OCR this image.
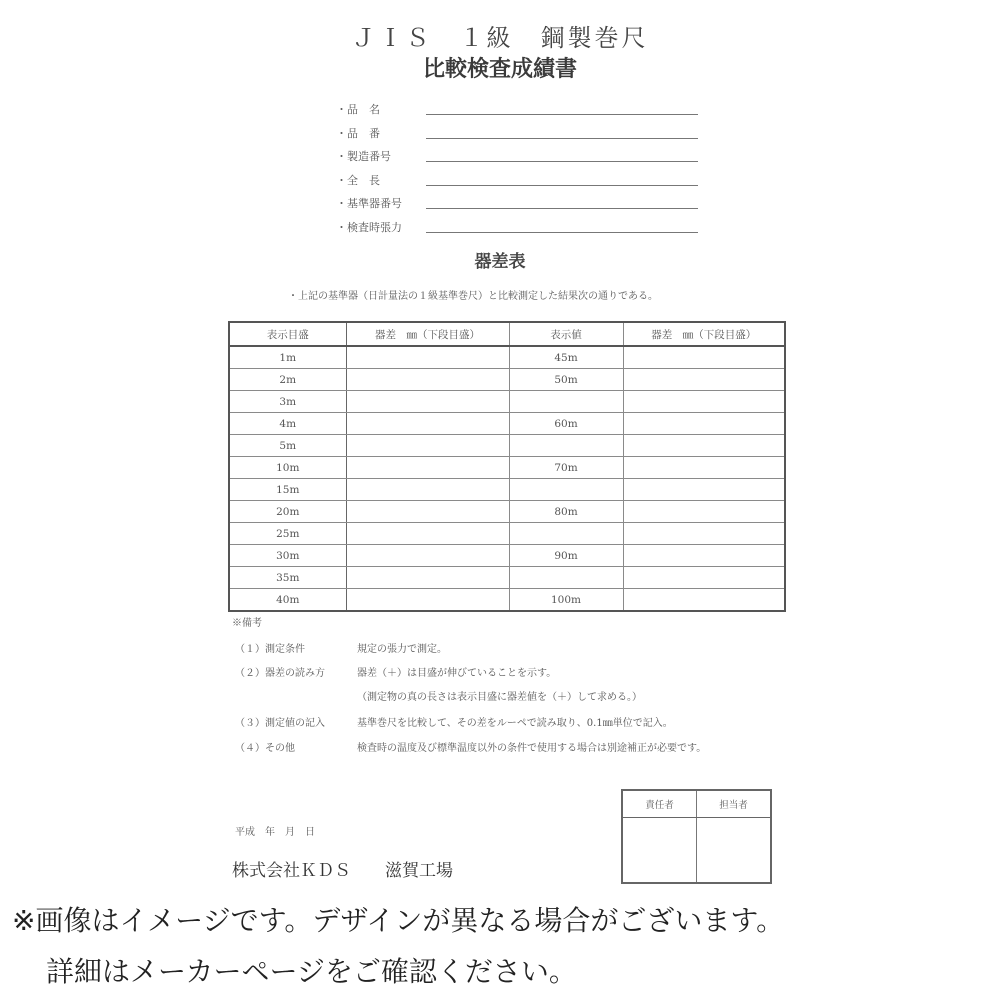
ＪＩＳ　１級　鋼製巻尺
比較検査成績書
・品　名
・品　番
・製造番号
・全　長
・基準器番号
・検査時張力
器差表
・上記の基準器（日計量法の１級基準巻尺）と比較測定した結果次の通りである。
表示目盛	器差　㎜（下段目盛）	表示値	器差　㎜（下段目盛）
1m		45m	
2m		50m	
3m			
4m		60m	
5m			
10m		70m	
15m			
20m		80m	
25m			
30m		90m	
35m			
40m		100m	
※備考
（１）測定条件	規定の張力で測定。
（２）器差の読み方	器差（＋）は目盛が伸びていることを示す。
（測定物の真の長さは表示目盛に器差値を（＋）して求める。）
（３）測定値の記入	基準巻尺を比較して、その差をルーペで読み取り、0.1㎜単位で記入。
（４）その他	検査時の温度及び標準温度以外の条件で使用する場合は別途補正が必要です。
平成　年　月　日
株式会社ＫＤＳ　　滋賀工場
責任者	担当者

※画像はイメージです。デザインが異なる場合がございます。
詳細はメーカーページをご確認ください。
